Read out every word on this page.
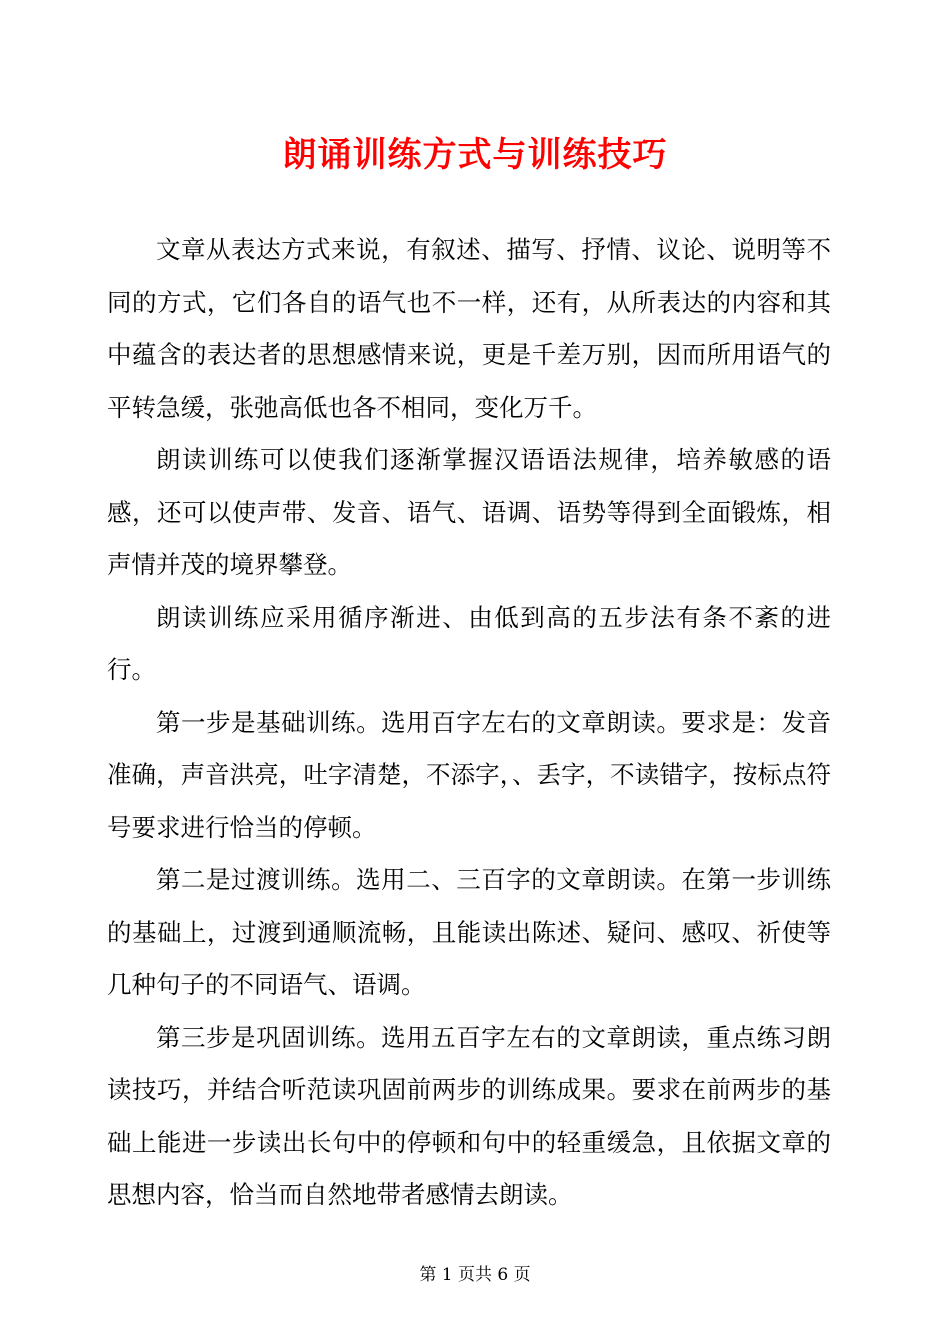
朗诵训练方式与训练技巧

文章从表达方式来说，有叙述、描写、抒情、议论、说明等不同的方式，它们各自的语气也不一样，还有，从所表达的内容和其中蕴含的表达者的思想感情来说，更是千差万别，因而所用语气的平转急缓，张弛高低也各不相同，变化万千。

朗读训练可以使我们逐渐掌握汉语语法规律，培养敏感的语感，还可以使声带、发音、语气、语调、语势等得到全面锻炼，相声情并茂的境界攀登。

朗读训练应采用循序渐进、由低到高的五步法有条不紊的进行。

第一步是基础训练。选用百字左右的文章朗读。要求是：发音准确，声音洪亮，吐字清楚，不添字，、丢字，不读错字，按标点符号要求进行恰当的停顿。

第二是过渡训练。选用二、三百字的文章朗读。在第一步训练的基础上，过渡到通顺流畅，且能读出陈述、疑问、感叹、祈使等几种句子的不同语气、语调。

第三步是巩固训练。选用五百字左右的文章朗读，重点练习朗读技巧，并结合听范读巩固前两步的训练成果。要求在前两步的基础上能进一步读出长句中的停顿和句中的轻重缓急，且依据文章的思想内容，恰当而自然地带者感情去朗读。

第 1 页共 6 页
